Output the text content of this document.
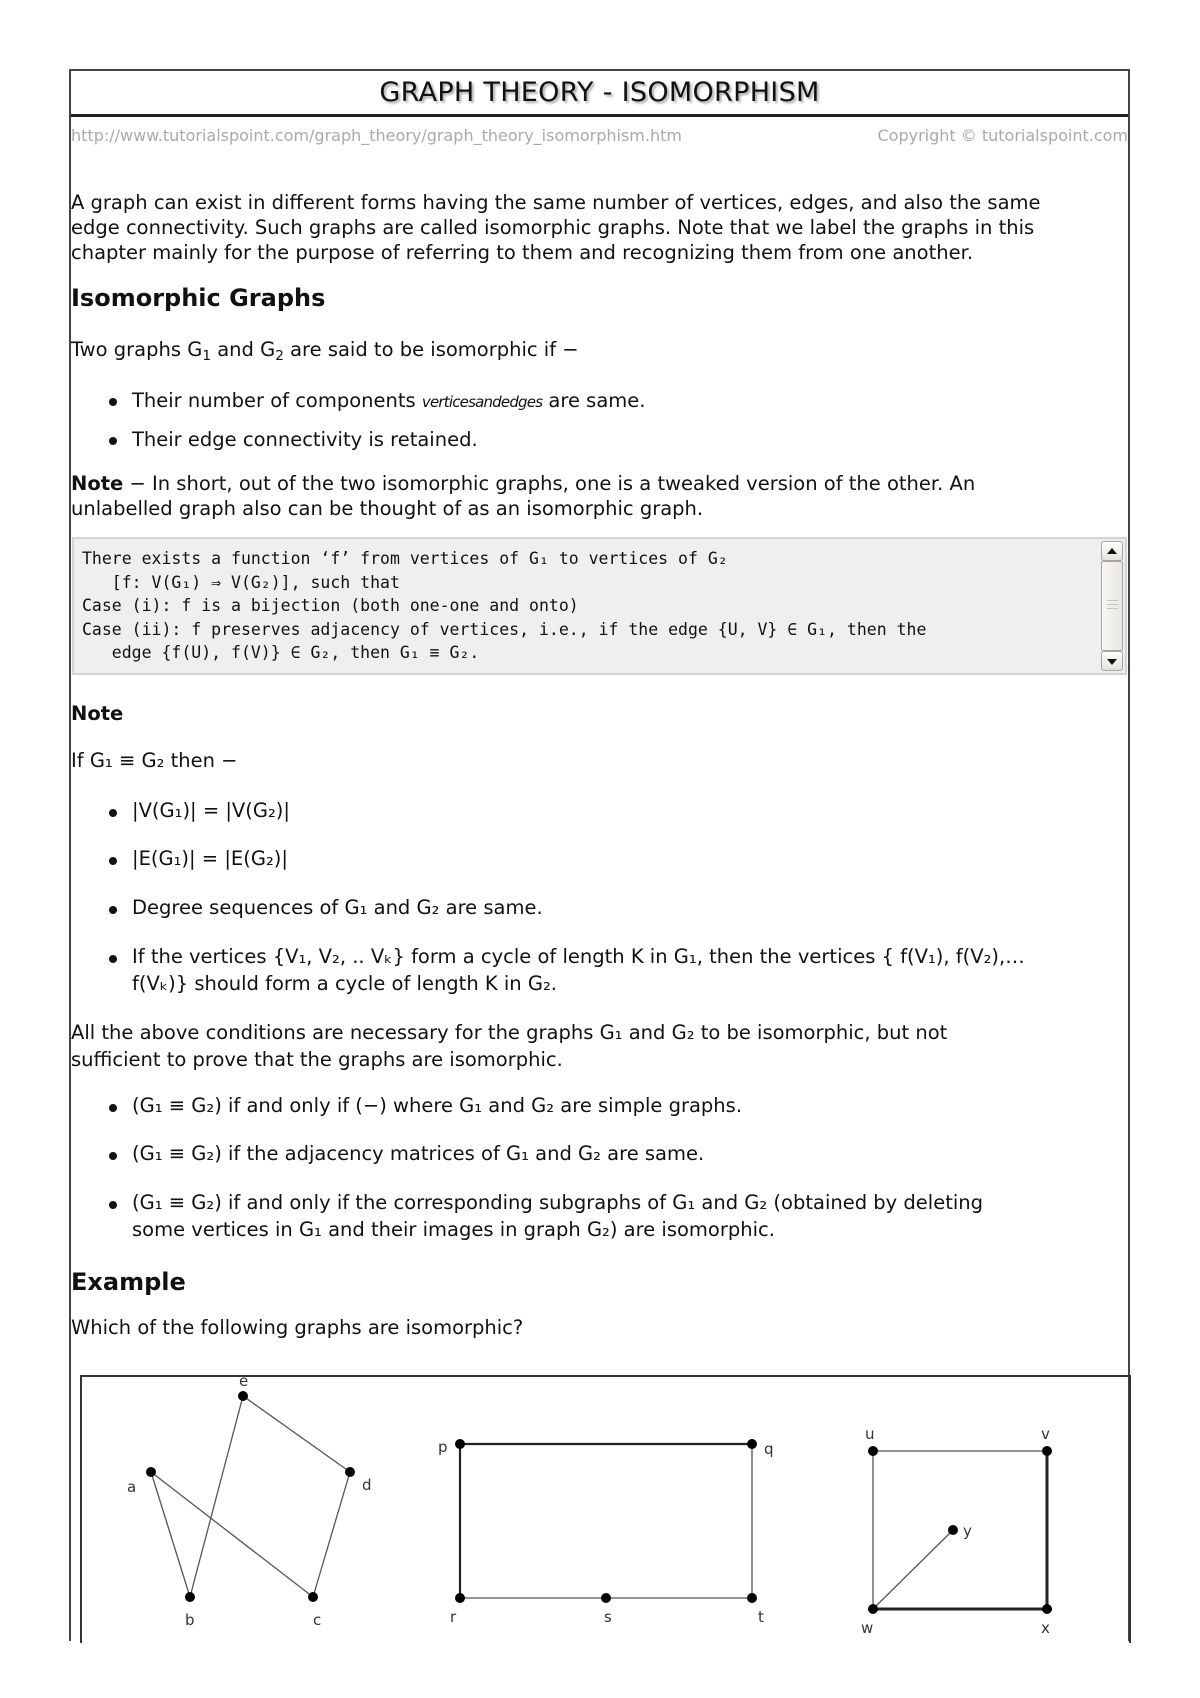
GRAPH THEORY - ISOMORPHISM
http://www.tutorialspoint.com/graph_theory/graph_theory_isomorphism.htm	Copyright © tutorialspoint.com
A graph can exist in different forms having the same number of vertices, edges, and also the same
edge connectivity. Such graphs are called isomorphic graphs. Note that we label the graphs in this
chapter mainly for the purpose of referring to them and recognizing them from one another.
Isomorphic Graphs
Two graphs $G_1$ and $G_2$ are said to be isomorphic if −
Their number of components verticesandedges are same.
Their edge connectivity is retained.
Note − In short, out of the two isomorphic graphs, one is a tweaked version of the other. An
unlabelled graph also can be thought of as an isomorphic graph.
There exists a function ‘f’ from vertices of G₁ to vertices of G₂
[f: V(G₁) ⇒ V(G₂)], such that
Case (i): f is a bijection (both one-one and onto)
Case (ii): f preserves adjacency of vertices, i.e., if the edge {U, V} ∈ G₁, then the
edge {f(U), f(V)} ∈ G₂, then G₁ ≡ G₂.
Note
If G₁ ≡ G₂ then −
|V(G₁)| = |V(G₂)|
|E(G₁)| = |E(G₂)|
Degree sequences of G₁ and G₂ are same.
If the vertices {V₁, V₂, .. Vₖ} form a cycle of length K in G₁, then the vertices { f(V₁), f(V₂),…
f(Vₖ)} should form a cycle of length K in G₂.
All the above conditions are necessary for the graphs G₁ and G₂ to be isomorphic, but not
sufficient to prove that the graphs are isomorphic.
(G₁ ≡ G₂) if and only if (−) where G₁ and G₂ are simple graphs.
(G₁ ≡ G₂) if the adjacency matrices of G₁ and G₂ are same.
(G₁ ≡ G₂) if and only if the corresponding subgraphs of G₁ and G₂ (obtained by deleting
some vertices in G₁ and their images in graph G₂) are isomorphic.
Example
Which of the following graphs are isomorphic?
a
b	c
d
e
p	q
r	s	t
u	v
w	x
y
